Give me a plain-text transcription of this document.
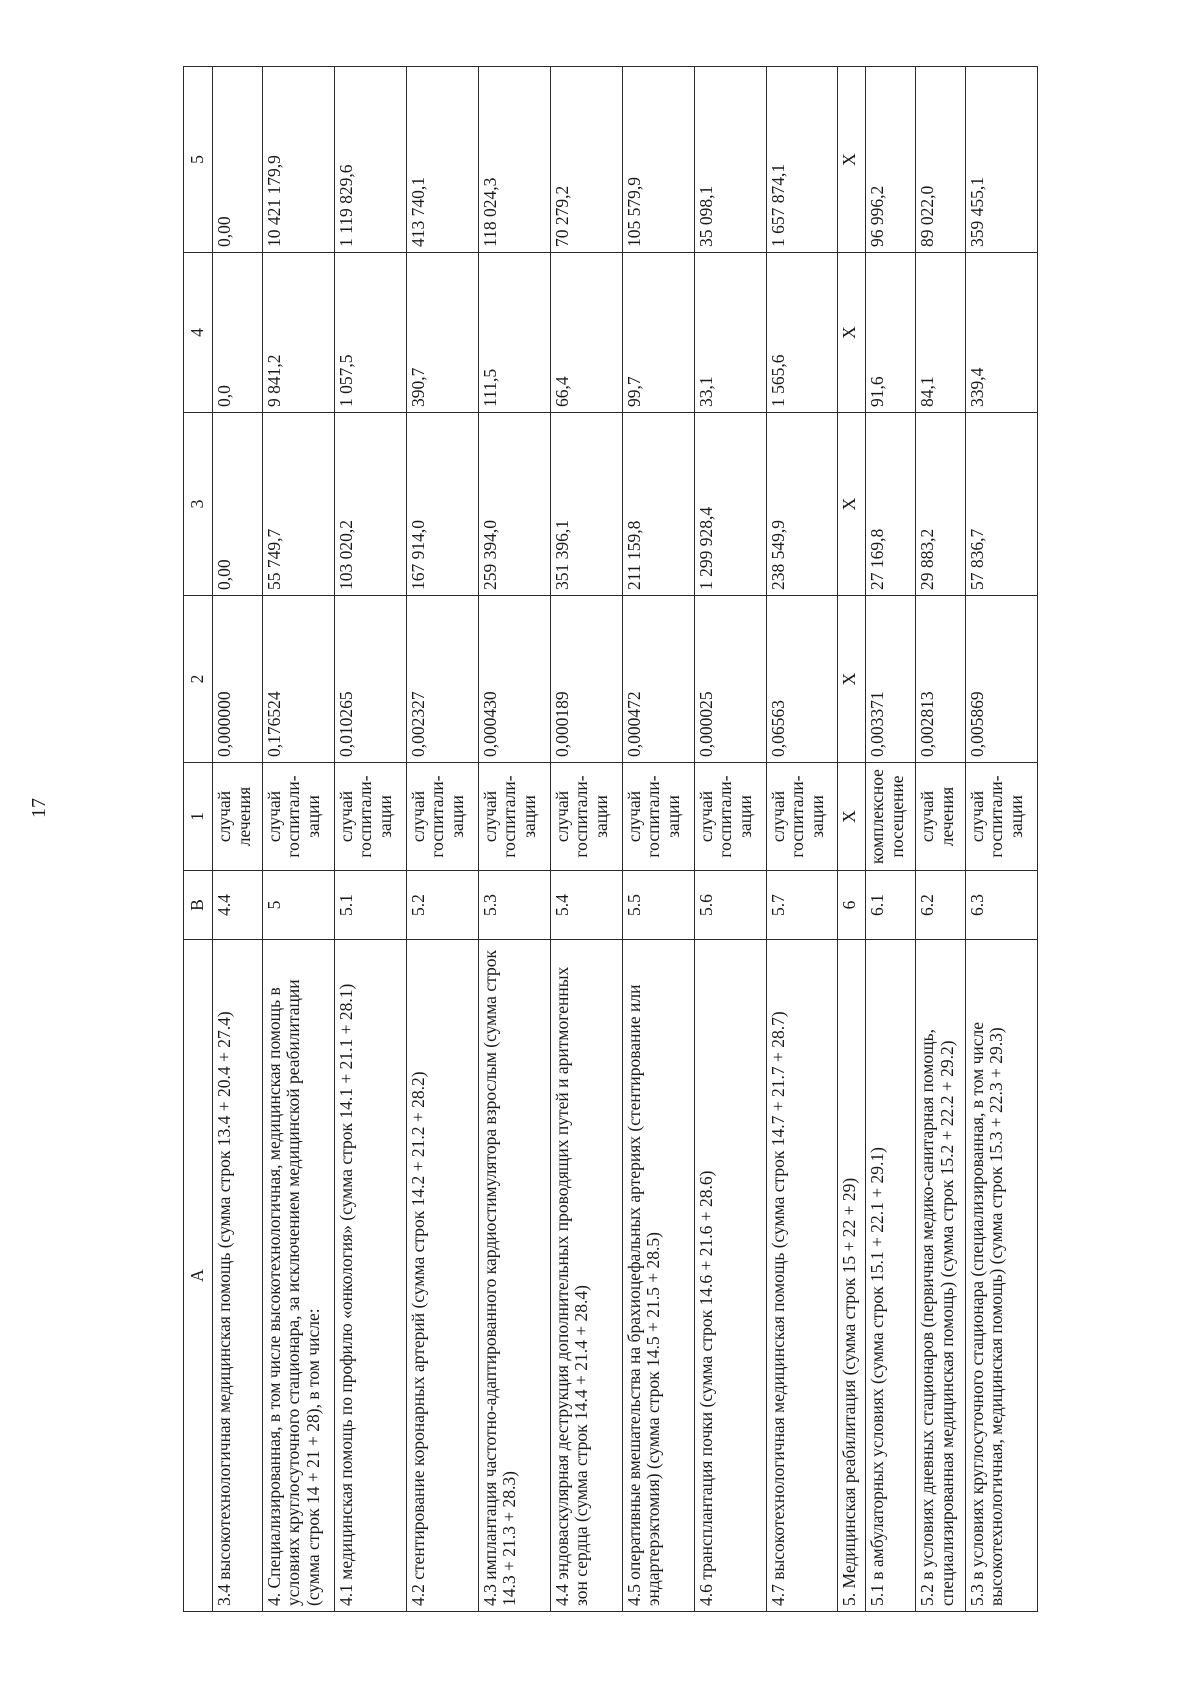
17
A	B	1	2	3	4	5
3.4 высокотехнологичная медицинская помощь (сумма строк 13.4 + 20.4 + 27.4)	4.4	случай лечения	0,000000	0,00	0,0	0,00
4. Специализированная, в том числе высокотехнологичная, медицинская помощь в условиях круглосуточного стационара, за исключением медицинской реабилитации (сумма строк 14 + 21 + 28), в том числе:	5	случай госпитали-зации	0,176524	55 749,7	9 841,2	10 421 179,9
4.1 медицинская помощь по профилю «онкология» (сумма строк 14.1 + 21.1 + 28.1)	5.1	случай госпитали-зации	0,010265	103 020,2	1 057,5	1 119 829,6
4.2 стентирование коронарных артерий (сумма строк 14.2 + 21.2 + 28.2)	5.2	случай госпитали-зации	0,002327	167 914,0	390,7	413 740,1
4.3 имплантация частотно-адаптированного кардиостимулятора взрослым (сумма строк 14.3 + 21.3 + 28.3)	5.3	случай госпитали-зации	0,000430	259 394,0	111,5	118 024,3
4.4 эндоваскулярная деструкция дополнительных проводящих путей и аритмогенных зон сердца (сумма строк 14.4 + 21.4 + 28.4)	5.4	случай госпитали-зации	0,000189	351 396,1	66,4	70 279,2
4.5 оперативные вмешательства на брахиоцефальных артериях (стентирование или эндартерэктомия) (сумма строк 14.5 + 21.5 + 28.5)	5.5	случай госпитали-зации	0,000472	211 159,8	99,7	105 579,9
4.6 трансплантация почки (сумма строк 14.6 + 21.6 + 28.6)	5.6	случай госпитали-зации	0,000025	1 299 928,4	33,1	35 098,1
4.7 высокотехнологичная медицинская помощь (сумма строк 14.7 + 21.7 + 28.7)	5.7	случай госпитали-зации	0,06563	238 549,9	1 565,6	1 657 874,1
5. Медицинская реабилитация (сумма строк 15 + 22 + 29)	6	X	X	X	X	X
5.1 в амбулаторных условиях (сумма строк 15.1 + 22.1 + 29.1)	6.1	комплексное посещение	0,003371	27 169,8	91,6	96 996,2
5.2 в условиях дневных стационаров (первичная медико-санитарная помощь, специализированная медицинская помощь) (сумма строк 15.2 + 22.2 + 29.2)	6.2	случай лечения	0,002813	29 883,2	84,1	89 022,0
5.3 в условиях круглосуточного стационара (специализированная, в том числе высокотехнологичная, медицинская помощь) (сумма строк 15.3 + 22.3 + 29.3)	6.3	случай госпитали-зации	0,005869	57 836,7	339,4	359 455,1
